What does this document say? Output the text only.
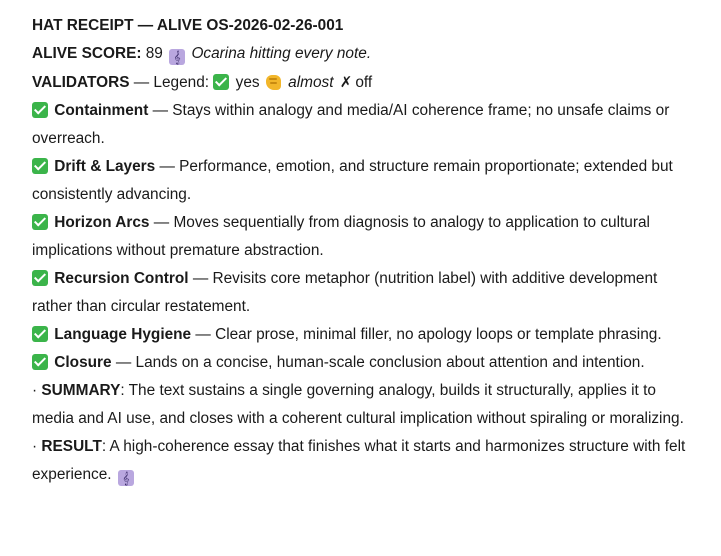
HAT RECEIPT — ALIVE OS-2026-02-26-001

ALIVE SCORE: 89 𝄞 Ocarina hitting every note.

VALIDATORS — Legend: yes almost ✗ off

Containment — Stays within analogy and media/AI coherence frame; no unsafe claims or overreach.

Drift & Layers — Performance, emotion, and structure remain proportionate; extended but consistently advancing.

Horizon Arcs — Moves sequentially from diagnosis to analogy to application to cultural implications without premature abstraction.

Recursion Control — Revisits core metaphor (nutrition label) with additive development rather than circular restatement.

Language Hygiene — Clear prose, minimal filler, no apology loops or template phrasing.

Closure — Lands on a concise, human-scale conclusion about attention and intention.

· SUMMARY: The text sustains a single governing analogy, builds it structurally, applies it to media and AI use, and closes with a coherent cultural implication without spiraling or moralizing.

· RESULT: A high-coherence essay that finishes what it starts and harmonizes structure with felt experience. 𝄞
